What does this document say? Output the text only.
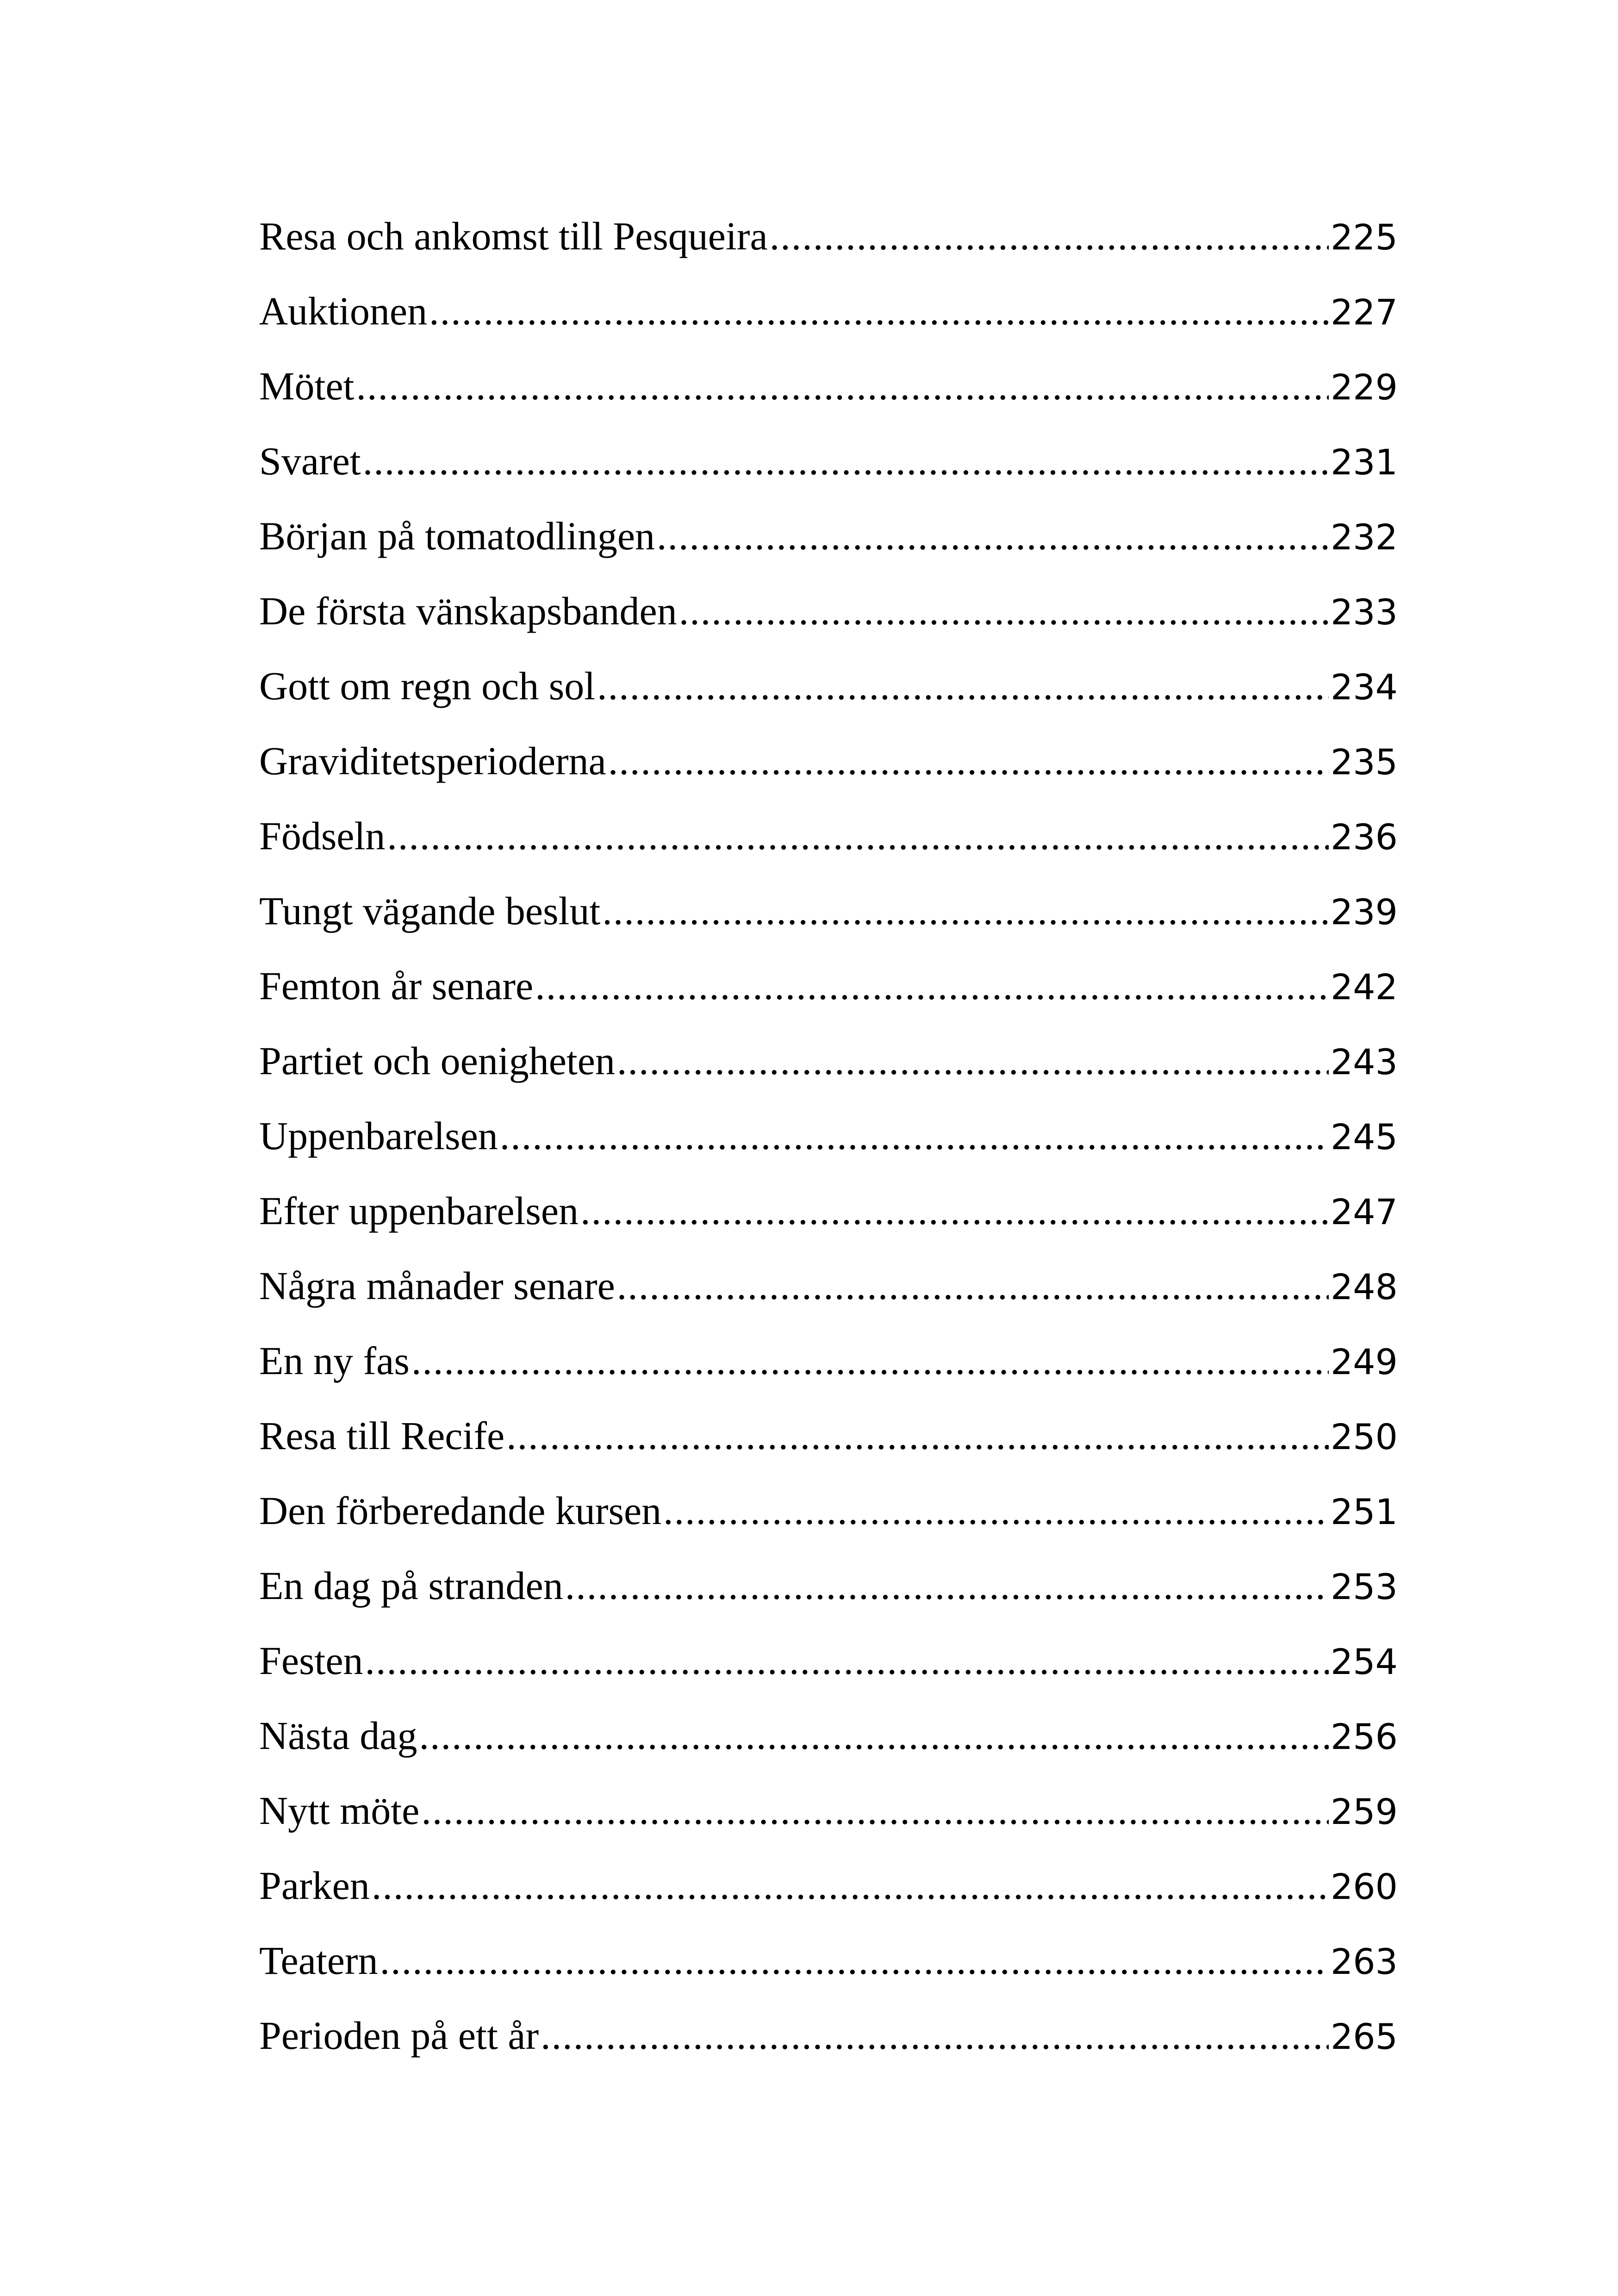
Resa och ankomst till Pesqueira .....	225
Auktionen .....	227
Mötet .....	229
Svaret .....	231
Början på tomatodlingen .....	232
De första vänskapsbanden .....	233
Gott om regn och sol .....	234
Graviditetsperioderna .....	235
Födseln .....	236
Tungt vägande beslut .....	239
Femton år senare .....	242
Partiet och oenigheten .....	243
Uppenbarelsen .....	245
Efter uppenbarelsen .....	247
Några månader senare .....	248
En ny fas .....	249
Resa till Recife .....	250
Den förberedande kursen .....	251
En dag på stranden .....	253
Festen .....	254
Nästa dag .....	256
Nytt möte .....	259
Parken .....	260
Teatern .....	263
Perioden på ett år .....	265
